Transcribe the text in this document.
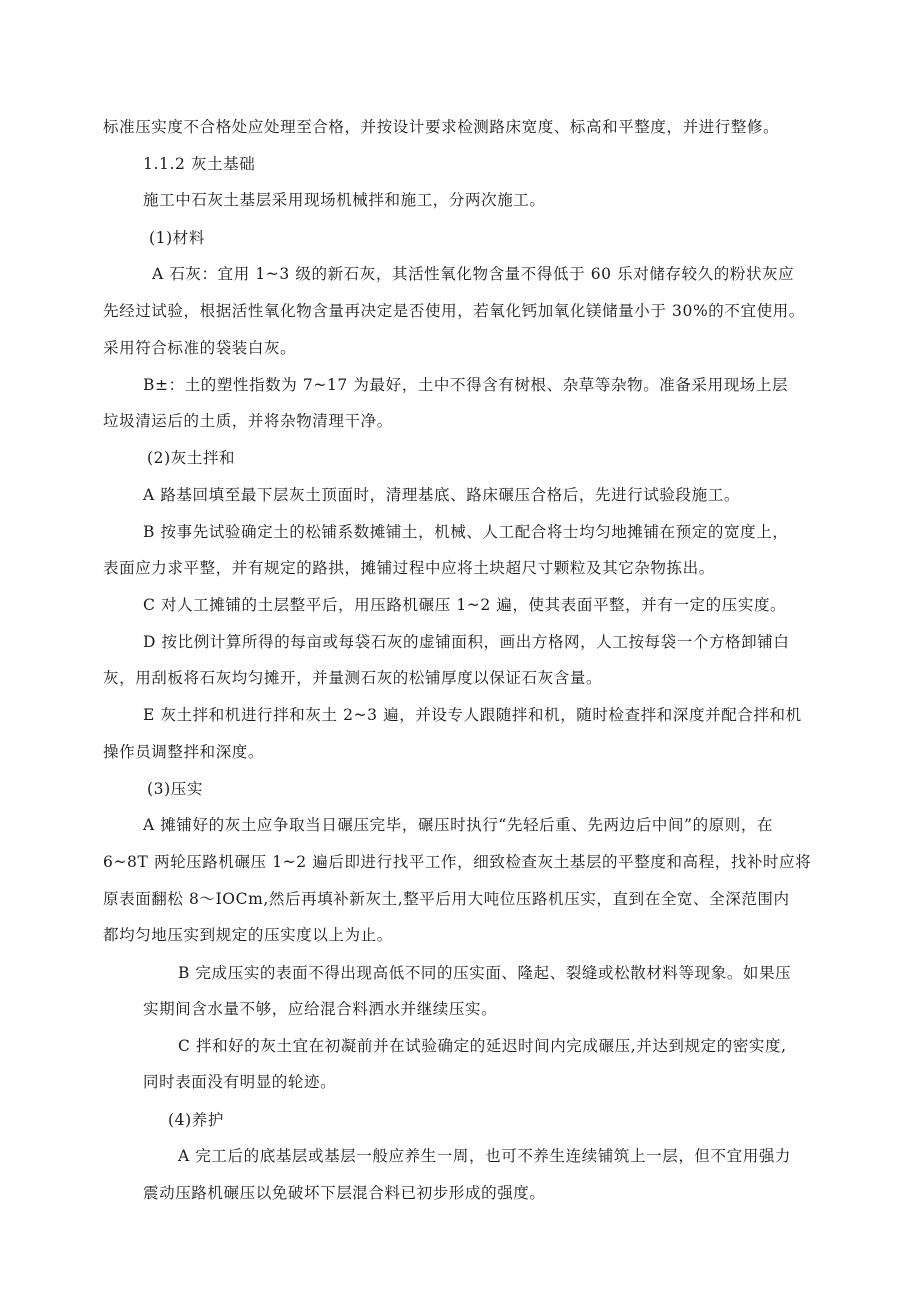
标准压实度不合格处应处理至合格，并按设计要求检测路床宽度、标高和平整度，并进行整修。
1.1.2 灰土基础
施工中石灰土基层采用现场机械拌和施工，分两次施工。
(1)材料
A 石灰：宜用 1~3 级的新石灰，其活性氧化物含量不得低于 60 乐对储存较久的粉状灰应
先经过试验，根据活性氧化物含量再决定是否使用，若氧化钙加氧化镁储量小于 30%的不宜使用。
采用符合标准的袋装白灰。
B±：土的塑性指数为 7~17 为最好，土中不得含有树根、杂草等杂物。准备采用现场上层
垃圾清运后的土质，并将杂物清理干净。
(2)灰土拌和
A 路基回填至最下层灰土顶面时，清理基底、路床碾压合格后，先进行试验段施工。
B 按事先试验确定土的松铺系数摊铺土，机械、人工配合将士均匀地摊铺在预定的宽度上，
表面应力求平整，并有规定的路拱，摊铺过程中应将土块超尺寸颗粒及其它杂物拣出。
C 对人工摊铺的土层整平后，用压路机碾压 1~2 遍，使其表面平整，并有一定的压实度。
D 按比例计算所得的每亩或每袋石灰的虚铺面积，画出方格网，人工按每袋一个方格卸铺白
灰，用刮板将石灰均匀摊开，并量测石灰的松铺厚度以保证石灰含量。
E 灰土拌和机进行拌和灰土 2~3 遍，并设专人跟随拌和机，随时检查拌和深度并配合拌和机
操作员调整拌和深度。
(3)压实
A 摊铺好的灰土应争取当日碾压完毕，碾压时执行“先轻后重、先两边后中间”的原则，在
6~8T 两轮压路机碾压 1~2 遍后即进行找平工作，细致检查灰土基层的平整度和高程，找补时应将
原表面翻松 8～IOCm,然后再填补新灰土,整平后用大吨位压路机压实，直到在全宽、全深范围内
都均匀地压实到规定的压实度以上为止。
B 完成压实的表面不得出现高低不同的压实面、隆起、裂缝或松散材料等现象。如果压
实期间含水量不够，应给混合料洒水并继续压实。
C 拌和好的灰土宜在初凝前并在试验确定的延迟时间内完成碾压,并达到规定的密实度,
同时表面没有明显的轮迹。
(4)养护
A 完工后的底基层或基层一般应养生一周，也可不养生连续铺筑上一层，但不宜用强力
震动压路机碾压以免破坏下层混合料已初步形成的强度。
